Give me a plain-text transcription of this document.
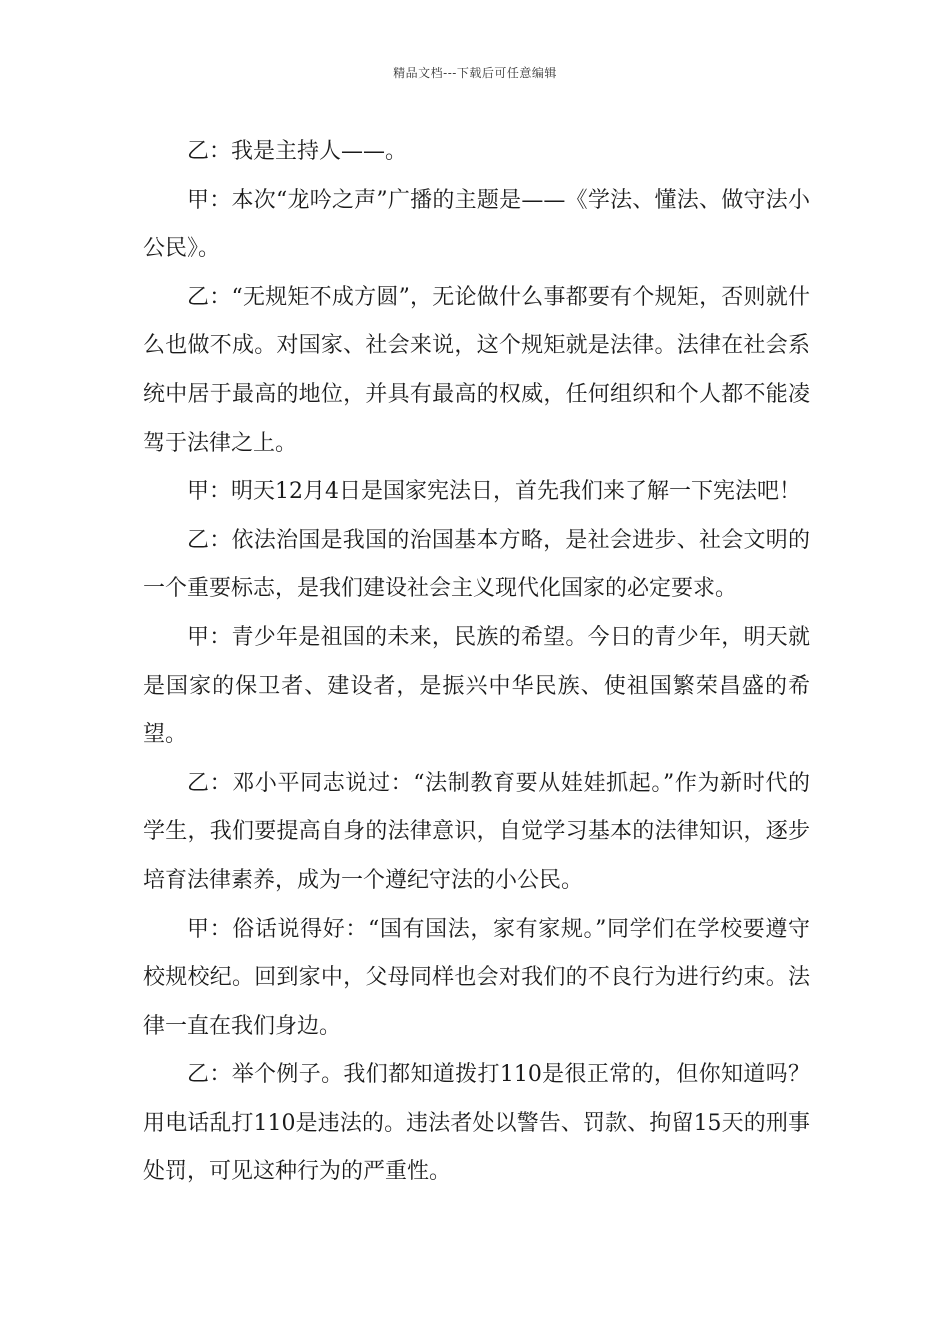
精品文档---下载后可任意编辑

乙：我是主持人——。

甲：本次“龙吟之声”广播的主题是——《学法、懂法、做守法小公民》。

乙：“无规矩不成方圆”，无论做什么事都要有个规矩，否则就什么也做不成。对国家、社会来说，这个规矩就是法律。法律在社会系统中居于最高的地位，并具有最高的权威，任何组织和个人都不能凌驾于法律之上。

甲：明天12月4日是国家宪法日，首先我们来了解一下宪法吧！

乙：依法治国是我国的治国基本方略，是社会进步、社会文明的一个重要标志，是我们建设社会主义现代化国家的必定要求。

甲：青少年是祖国的未来，民族的希望。今日的青少年，明天就是国家的保卫者、建设者，是振兴中华民族、使祖国繁荣昌盛的希望。

乙：邓小平同志说过：“法制教育要从娃娃抓起。”作为新时代的学生，我们要提高自身的法律意识，自觉学习基本的法律知识，逐步培育法律素养，成为一个遵纪守法的小公民。

甲：俗话说得好：“国有国法，家有家规。”同学们在学校要遵守校规校纪。回到家中，父母同样也会对我们的不良行为进行约束。法律一直在我们身边。

乙：举个例子。我们都知道拨打110是很正常的，但你知道吗？用电话乱打110是违法的。违法者处以警告、罚款、拘留15天的刑事处罚，可见这种行为的严重性。
